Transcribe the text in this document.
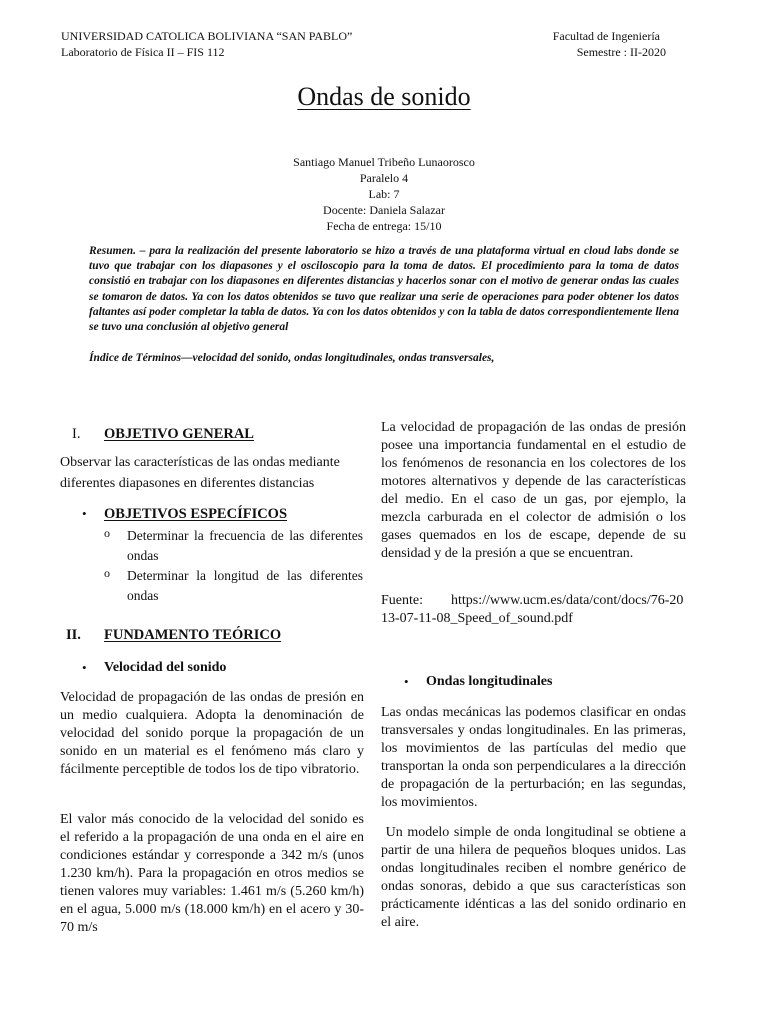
UNIVERSIDAD CATOLICA BOLIVIANA “SAN PABLO”
Laboratorio de Física II – FIS 112
Facultad de Ingeniería
Semestre : II-2020
Ondas de sonido
Santiago Manuel Tribeño Lunaorosco
Paralelo 4
Lab: 7
Docente: Daniela Salazar
Fecha de entrega: 15/10
Resumen. – para la realización del presente laboratorio se hizo a través de una plataforma virtual en cloud labs donde se tuvo que trabajar con los diapasones y el osciloscopio para la toma de datos. El procedimiento para la toma de datos consistió en trabajar con los diapasones en diferentes distancias y hacerlos sonar con el motivo de generar ondas las cuales se tomaron de datos. Ya con los datos obtenidos se tuvo que realizar una serie de operaciones para poder obtener los datos faltantes así poder completar la tabla de datos. Ya con los datos obtenidos y con la tabla de datos correspondientemente llena se tuvo una conclusión al objetivo general
Índice de Términos—velocidad del sonido, ondas longitudinales, ondas transversales,
I. OBJETIVO GENERAL
Observar las características de las ondas mediante diferentes diapasones en diferentes distancias
• OBJETIVOS ESPECÍFICOS
o Determinar la frecuencia de las diferentes ondas
o Determinar la longitud de las diferentes ondas
II. FUNDAMENTO TEÓRICO
• Velocidad del sonido
Velocidad de propagación de las ondas de presión en un medio cualquiera. Adopta la denominación de velocidad del sonido porque la propagación de un sonido en un material es el fenómeno más claro y fácilmente perceptible de todos los de tipo vibratorio.
El valor más conocido de la velocidad del sonido es el referido a la propagación de una onda en el aire en condiciones estándar y corresponde a 342 m/s (unos 1.230 km/h). Para la propagación en otros medios se tienen valores muy variables: 1.461 m/s (5.260 km/h) en el agua, 5.000 m/s (18.000 km/h) en el acero y 30-70 m/s
La velocidad de propagación de las ondas de presión posee una importancia fundamental en el estudio de los fenómenos de resonancia en los colectores de los motores alternativos y depende de las características del medio. En el caso de un gas, por ejemplo, la mezcla carburada en el colector de admisión o los gases quemados en los de escape, depende de su densidad y de la presión a que se encuentran.
Fuente: https://www.ucm.es/data/cont/docs/76-2013-07-11-08_Speed_of_sound.pdf
• Ondas longitudinales
Las ondas mecánicas las podemos clasificar en ondas transversales y ondas longitudinales. En las primeras, los movimientos de las partículas del medio que transportan la onda son perpendiculares a la dirección de propagación de la perturbación; en las segundas, los movimientos.
Un modelo simple de onda longitudinal se obtiene a partir de una hilera de pequeños bloques unidos. Las ondas longitudinales reciben el nombre genérico de ondas sonoras, debido a que sus características son prácticamente idénticas a las del sonido ordinario en el aire.
